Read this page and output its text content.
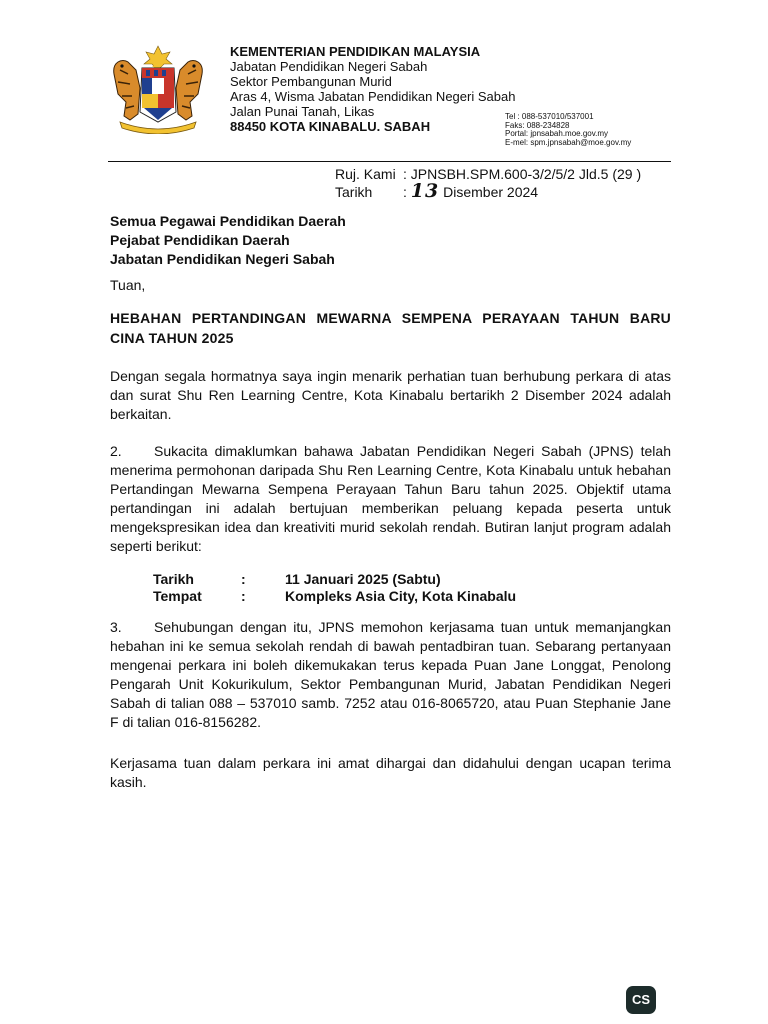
KEMENTERIAN PENDIDIKAN MALAYSIA
Jabatan Pendidikan Negeri Sabah
Sektor Pembangunan Murid
Aras 4, Wisma Jabatan Pendidikan Negeri Sabah
Jalan Punai Tanah, Likas
88450 KOTA KINABALU. SABAH
Tel : 088-537010/537001
Faks: 088-234828
Portal: jpnsabah.moe.gov.my
E-mel: spm.jpnsabah@moe.gov.my
Ruj. Kami : JPNSBH.SPM.600-3/2/5/2 Jld.5 (29 )
Tarikh : 13 Disember 2024
Semua Pegawai Pendidikan Daerah
Pejabat Pendidikan Daerah
Jabatan Pendidikan Negeri Sabah
Tuan,
HEBAHAN PERTANDINGAN MEWARNA SEMPENA PERAYAAN TAHUN BARU CINA TAHUN 2025
Dengan segala hormatnya saya ingin menarik perhatian tuan berhubung perkara di atas dan surat Shu Ren Learning Centre, Kota Kinabalu bertarikh 2 Disember 2024 adalah berkaitan.
2. Sukacita dimaklumkan bahawa Jabatan Pendidikan Negeri Sabah (JPNS) telah menerima permohonan daripada Shu Ren Learning Centre, Kota Kinabalu untuk hebahan Pertandingan Mewarna Sempena Perayaan Tahun Baru tahun 2025. Objektif utama pertandingan ini adalah bertujuan memberikan peluang kepada peserta untuk mengekspresikan idea dan kreativiti murid sekolah rendah. Butiran lanjut program adalah seperti berikut:
Tarikh	:	11 Januari 2025 (Sabtu)
Tempat	:	Kompleks Asia City, Kota Kinabalu
3. Sehubungan dengan itu, JPNS memohon kerjasama tuan untuk memanjangkan hebahan ini ke semua sekolah rendah di bawah pentadbiran tuan. Sebarang pertanyaan mengenai perkara ini boleh dikemukakan terus kepada Puan Jane Longgat, Penolong Pengarah Unit Kokurikulum, Sektor Pembangunan Murid, Jabatan Pendidikan Negeri Sabah di talian 088 – 537010 samb. 7252 atau 016-8065720, atau Puan Stephanie Jane F di talian 016-8156282.
Kerjasama tuan dalam perkara ini amat dihargai dan didahului dengan ucapan terima kasih.
CS
